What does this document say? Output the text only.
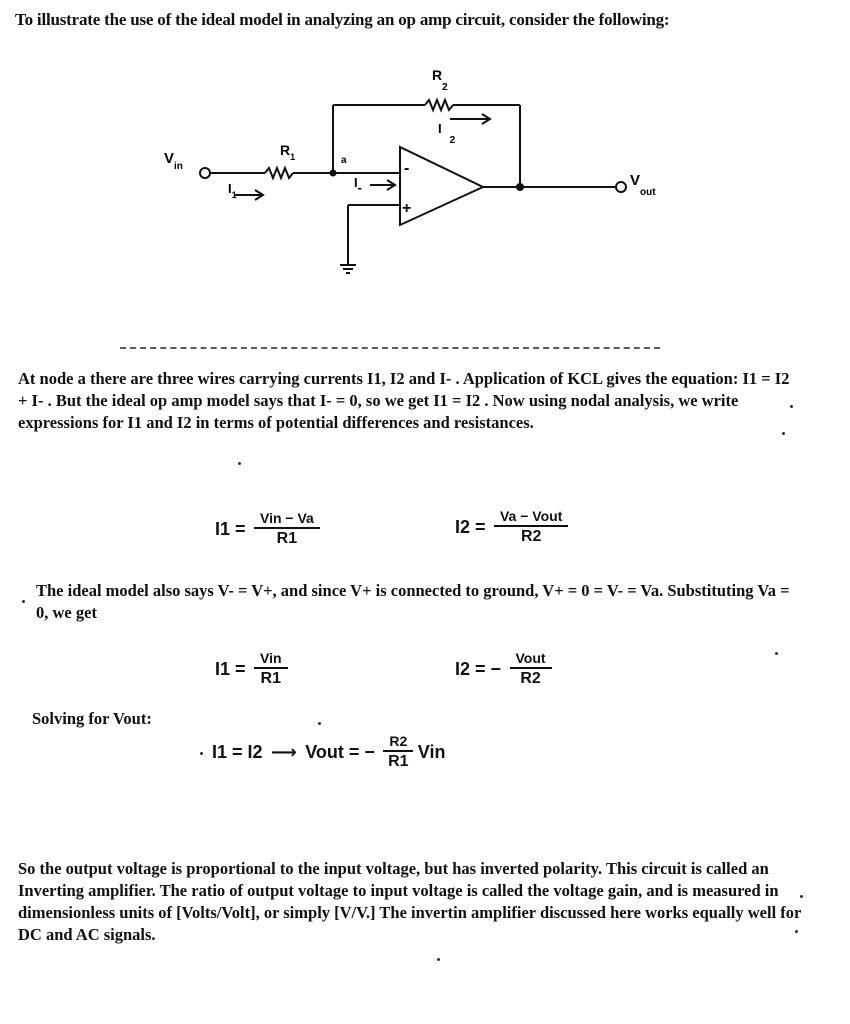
To illustrate the use of the ideal model in analyzing an op amp circuit, consider the following:
$V_{in}$
$V_{out}$
$R_1$
$R_2$
$I_1$
$I_2$
I-
a	-
+
At node a there are three wires carrying currents I1, I2 and I- . Application of KCL gives the equation: I1 = I2 + I- . But the ideal op amp model says that I- = 0, so we get I1 = I2 . Now using nodal analysis, we write expressions for I1 and I2 in terms of potential differences and resistances.
$I1 = \frac{\text{Vin − Va}}{R1}$	$I2 = \frac{\text{Va − Vout}}{R2}$
The ideal model also says V- = V+, and since V+ is connected to ground, V+ = 0 = V- = Va. Substituting Va = 0, we get
$I1 = \frac{\text{Vin}}{R1}$	I2 = − $\frac{\text{Vout}}{R2}$
Solving for Vout:
I1 = I2 ⟶ Vout = − $\frac{R2}{R1}$ Vin
So the output voltage is proportional to the input voltage, but has inverted polarity. This circuit is called an Inverting amplifier. The ratio of output voltage to input voltage is called the voltage gain, and is measured in dimensionless units of [Volts/Volt], or simply [V/V.] The invertin amplifier discussed here works equally well for DC and AC signals.
